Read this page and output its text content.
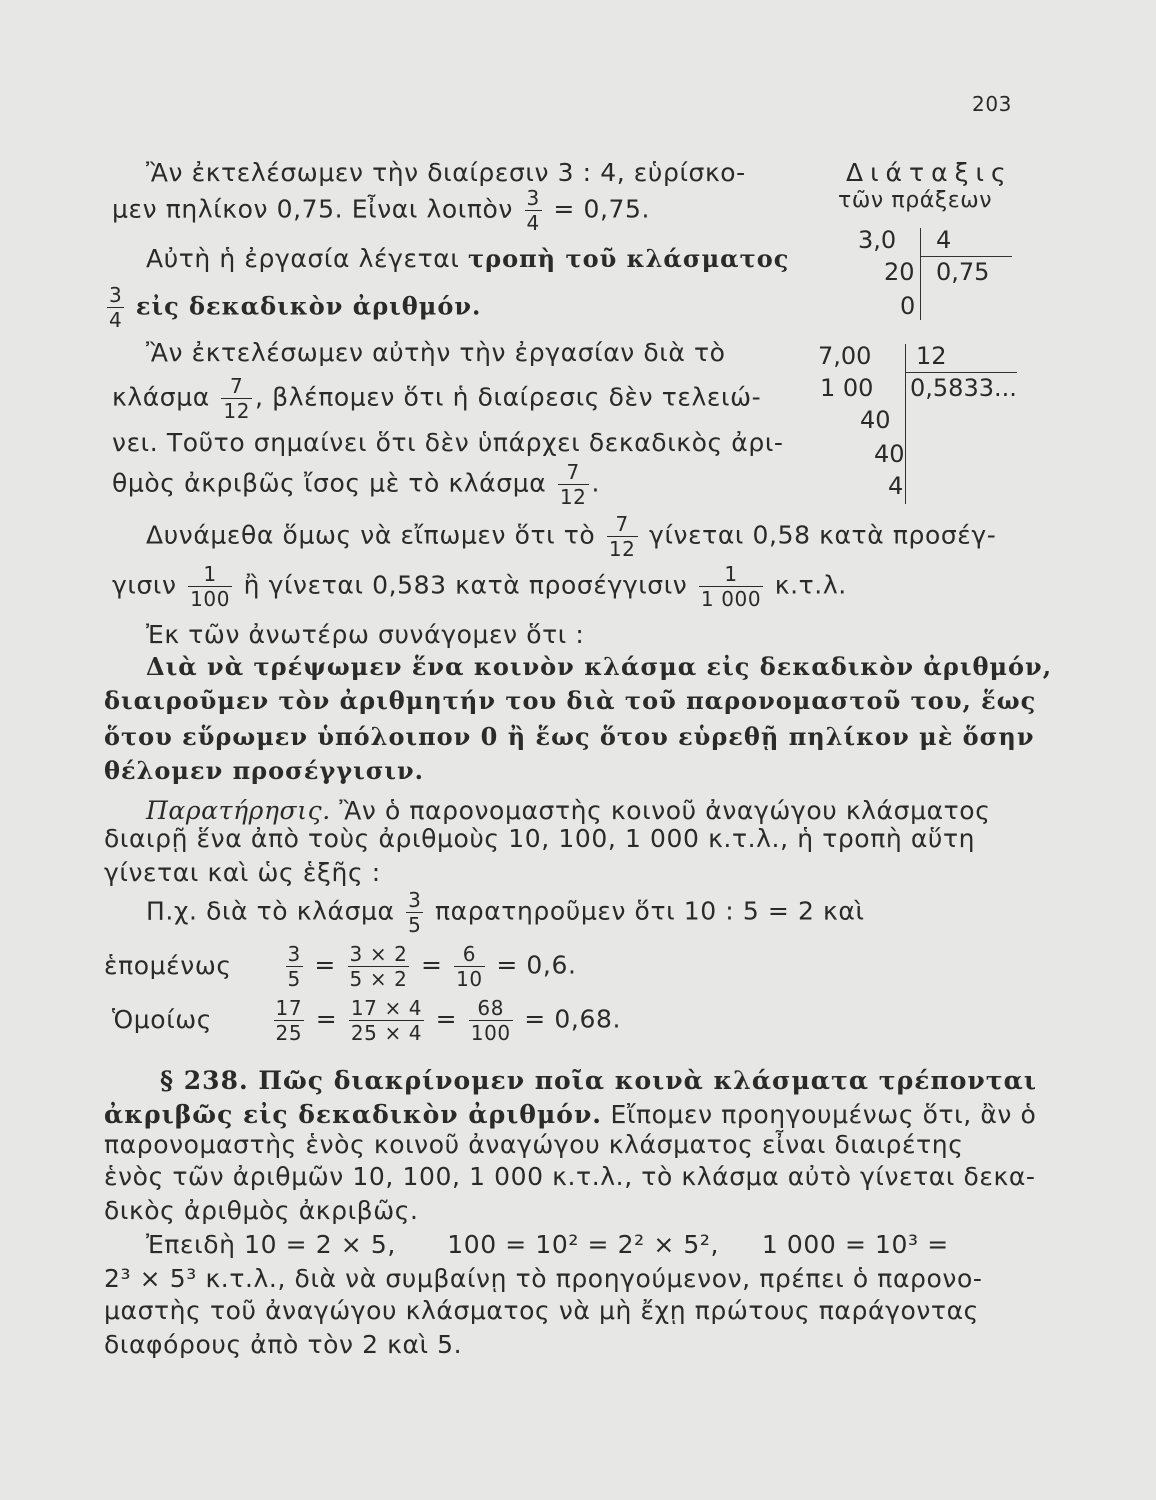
203
Διάταξις
τῶν πράξεων
3,0 4
20 0,75
0
7,00 12
1 00 0,5833...
40
40
4
Ἂν ἐκτελέσωμεν τὴν διαίρεσιν 3 : 4, εὑρίσκο-
μεν πηλίκον 0,75. Εἶναι λοιπὸν $\frac{3}{4} = 0,75$.
Αὐτὴ ἡ ἐργασία λέγεται τροπὴ τοῦ κλάσματος
$\frac{3}{4}$ εἰς δεκαδικὸν ἀριθμόν.
Ἂν ἐκτελέσωμεν αὐτὴν τὴν ἐργασίαν διὰ τὸ
κλάσμα $\frac{7}{12}$ , βλέπομεν ὅτι ἡ διαίρεσις δὲν τελειώ-
νει. Τοῦτο σημαίνει ὅτι δὲν ὑπάρχει δεκαδικὸς ἀρι-
θμὸς ἀκριβῶς ἴσος μὲ τὸ κλάσμα $\frac{7}{12}$ .
Δυνάμεθα ὅμως νὰ εἴπωμεν ὅτι τὸ $\frac{7}{12}$ γίνεται 0,58 κατὰ προσέγ-
γισιν $\frac{1}{100}$ ἢ γίνεται 0,583 κατὰ προσέγγισιν $\frac{1}{1 000} \kappa.\tau.\lambda$.
Ἐκ τῶν ἀνωτέρω συνάγομεν ὅτι :
Διὰ νὰ τρέψωμεν ἕνα κοινὸν κλάσμα εἰς δεκαδικὸν ἀριθμόν,
διαιροῦμεν τὸν ἀριθμητήν του διὰ τοῦ παρονομαστοῦ του, ἕως
ὅτου εὕρωμεν ὑπόλοιπον 0 ἢ ἕως ὅτου εὑρεθῇ πηλίκον μὲ ὅσην
θέλομεν προσέγγισιν.
Παρατήρησις. Ἂν ὁ παρονομαστὴς κοινοῦ ἀναγώγου κλάσματος
διαιρῇ ἕνα ἀπὸ τοὺς ἀριθμοὺς 10, 100, 1 000 κ.τ.λ., ἡ τροπὴ αὕτη
γίνεται καὶ ὡς ἑξῆς :
Π.χ. διὰ τὸ κλάσμα $\frac{3}{5}$ παρατηροῦμεν ὅτι 10 : 5 = 2 καὶ
ἑπομένως	$\frac{3}{5} = \frac{3 \times 2}{5 \times 2} = \frac{6}{10} = 0,6$.
Ὁμοίως	$\frac{17}{25} = \frac{17 \times 4}{25 \times 4} = \frac{68}{100} = 0,68$.
§ 238. Πῶς διακρίνομεν ποῖα κοινὰ κλάσματα τρέπονται
ἀκριβῶς εἰς δεκαδικὸν ἀριθμόν. Εἴπομεν προηγουμένως ὅτι, ἂν ὁ
παρονομαστὴς ἑνὸς κοινοῦ ἀναγώγου κλάσματος εἶναι διαιρέτης
ἑνὸς τῶν ἀριθμῶν 10, 100, 1 000 κ.τ.λ., τὸ κλάσμα αὐτὸ γίνεται δεκα-
δικὸς ἀριθμὸς ἀκριβῶς.
Ἐπειδὴ 10 = 2 × 5,      100 = 10² = 2² × 5²,     1 000 = 10³ =
2³ × 5³ κ.τ.λ., διὰ νὰ συμβαίνῃ τὸ προηγούμενον, πρέπει ὁ παρονο-
μαστὴς τοῦ ἀναγώγου κλάσματος νὰ μὴ ἔχῃ πρώτους παράγοντας
διαφόρους ἀπὸ τὸν 2 καὶ 5.
